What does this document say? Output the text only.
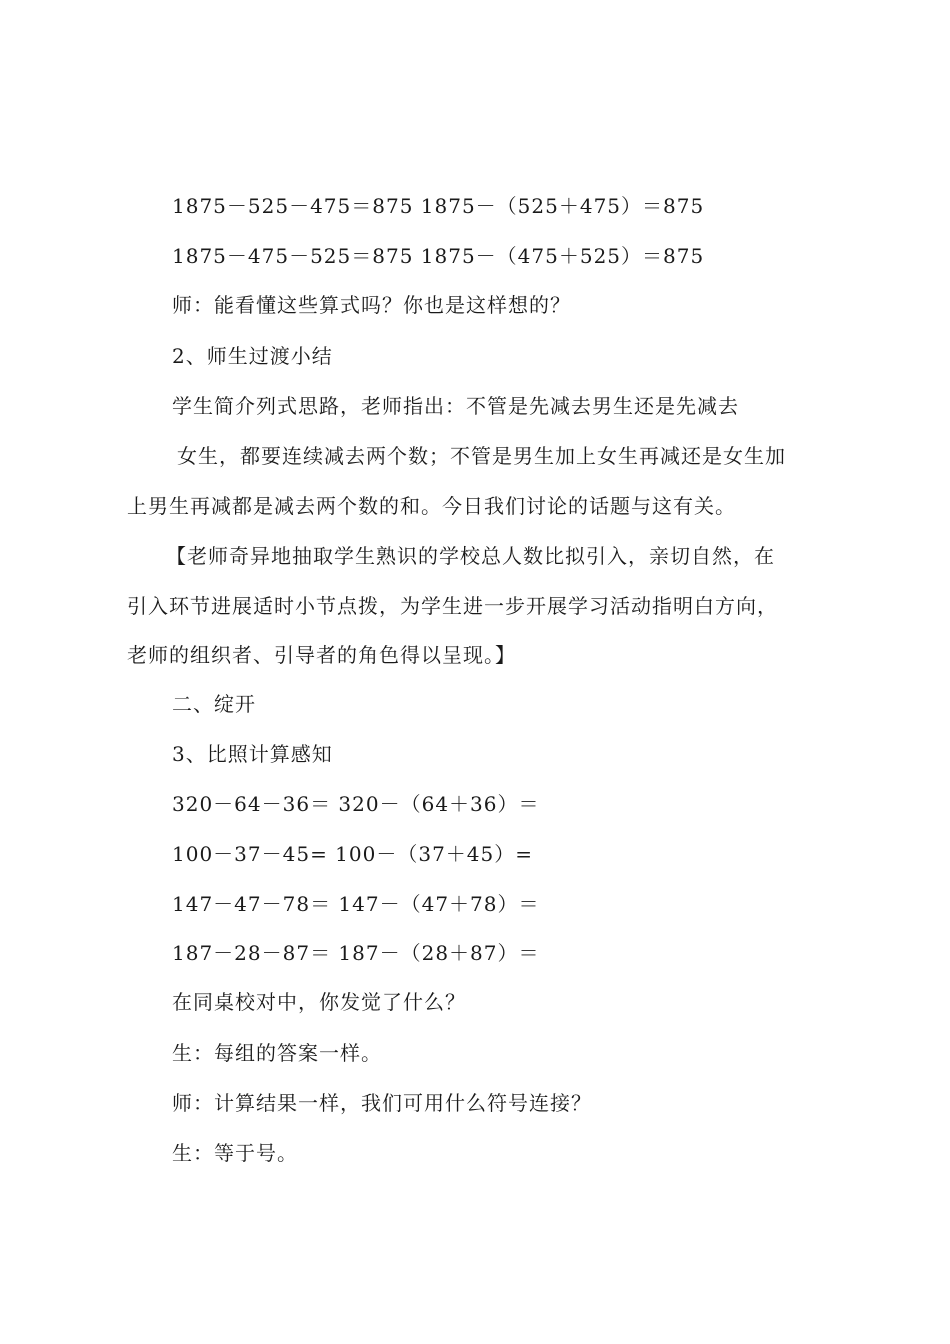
1875－525－475＝875 1875－（525＋475）＝875
1875－475－525＝875 1875－（475＋525）＝875
师：能看懂这些算式吗？你也是这样想的？
2、师生过渡小结
学生简介列式思路，老师指出：不管是先减去男生还是先减去
女生，都要连续减去两个数；不管是男生加上女生再减还是女生加
上男生再减都是减去两个数的和。今日我们讨论的话题与这有关。
【老师奇异地抽取学生熟识的学校总人数比拟引入，亲切自然，在
引入环节进展适时小节点拨，为学生进一步开展学习活动指明白方向，
老师的组织者、引导者的角色得以呈现。】
二、绽开
3、比照计算感知
320－64－36＝ 320－（64＋36）＝
100－37－45= 100－（37＋45）=
147－47－78＝ 147－（47＋78）＝
187－28－87＝ 187－（28＋87）＝
在同桌校对中，你发觉了什么？
生：每组的答案一样。
师：计算结果一样，我们可用什么符号连接？
生：等于号。
